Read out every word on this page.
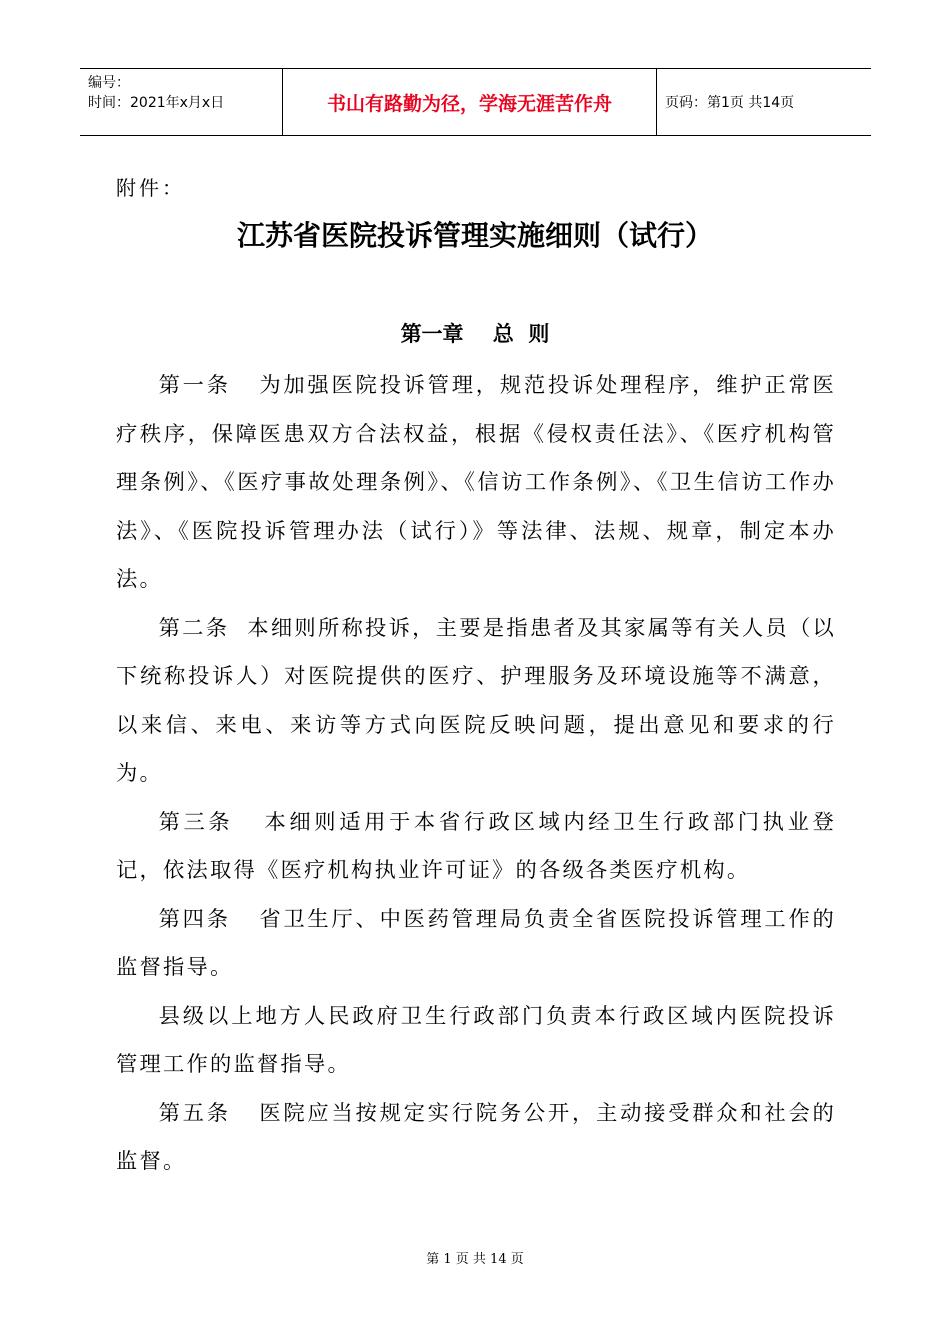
编号：
时间：2021年x月x日	书山有路勤为径，学海无涯苦作舟	页码：第1页 共14页
附件：
江苏省医院投诉管理实施细则（试行）
第一章    总  则

第一条   为加强医院投诉管理，规范投诉处理程序，维护正常医疗秩序，保障医患双方合法权益，根据《侵权责任法》、《医疗机构管理条例》、《医疗事故处理条例》、《信访工作条例》、《卫生信访工作办法》、《医院投诉管理办法（试行）》等法律、法规、规章，制定本办法。

第二条  本细则所称投诉，主要是指患者及其家属等有关人员（以下统称投诉人）对医院提供的医疗、护理服务及环境设施等不满意，以来信、来电、来访等方式向医院反映问题，提出意见和要求的行为。

第三条   本细则适用于本省行政区域内经卫生行政部门执业登记，依法取得《医疗机构执业许可证》的各级各类医疗机构。

第四条   省卫生厅、中医药管理局负责全省医院投诉管理工作的监督指导。

县级以上地方人民政府卫生行政部门负责本行政区域内医院投诉管理工作的监督指导。

第五条   医院应当按规定实行院务公开，主动接受群众和社会的监督。

第 1 页 共 14 页
